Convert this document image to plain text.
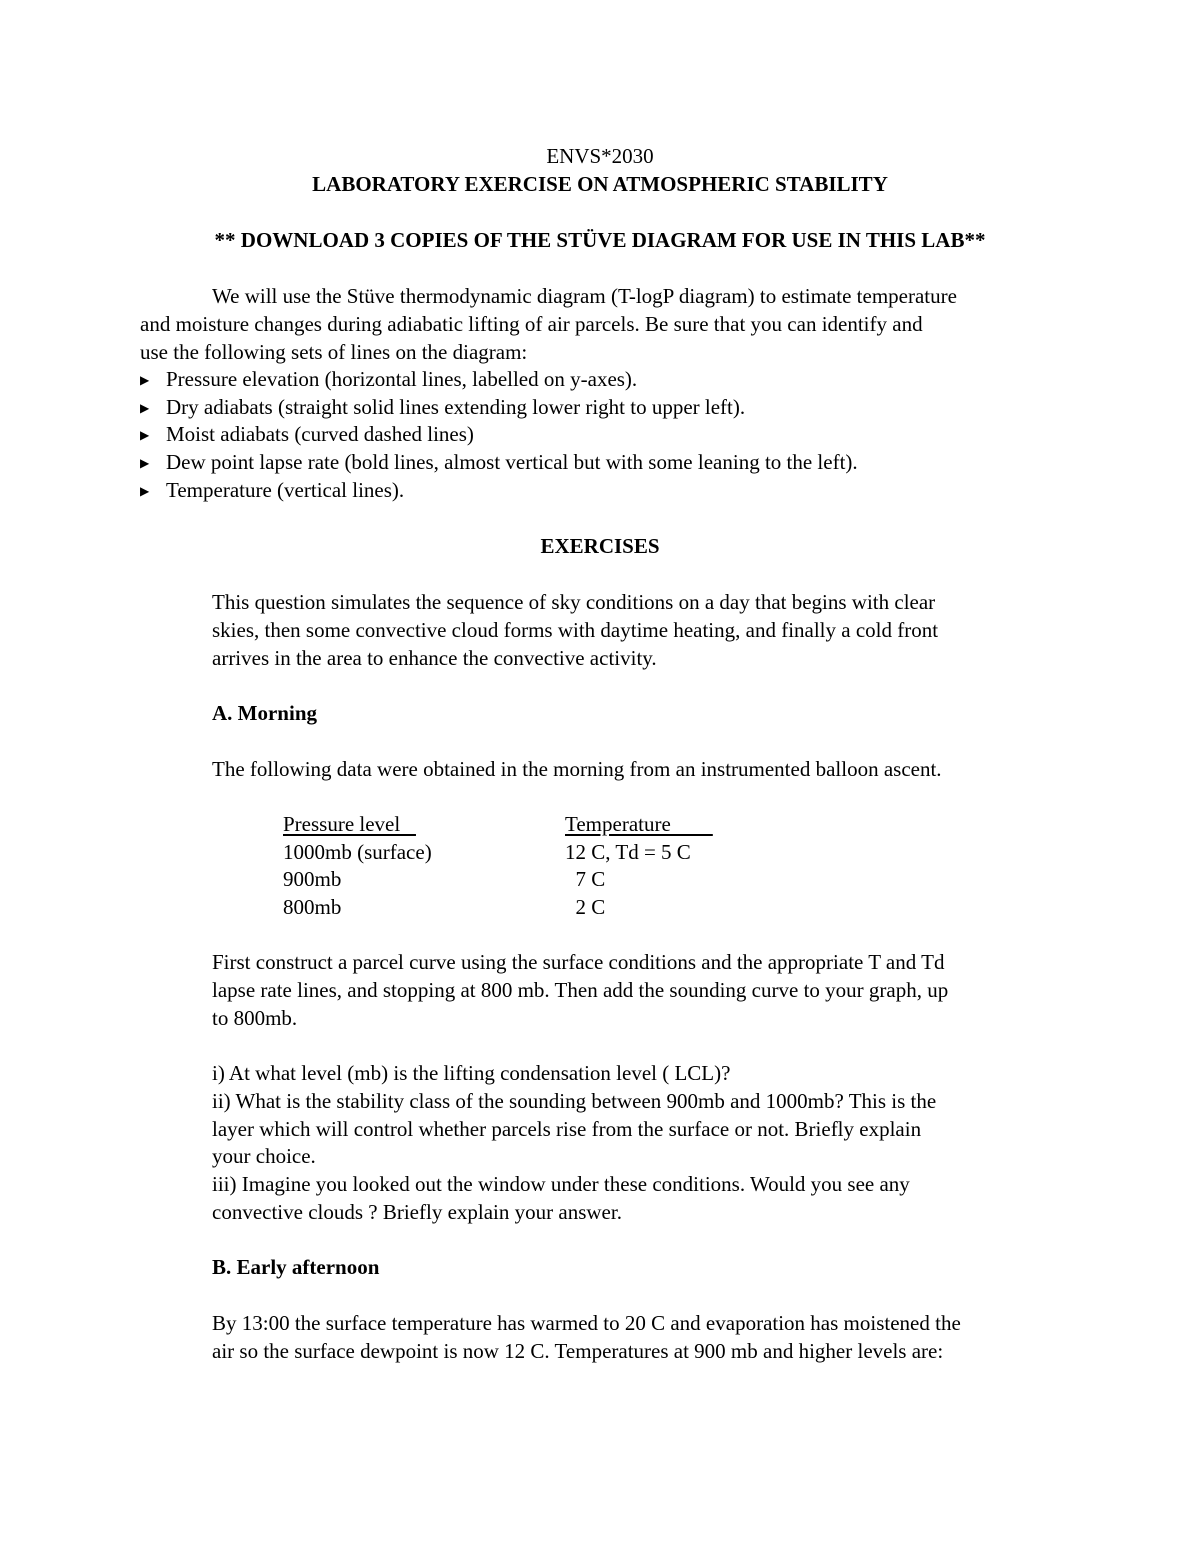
ENVS*2030
LABORATORY EXERCISE ON ATMOSPHERIC STABILITY
** DOWNLOAD 3 COPIES OF THE STÜVE DIAGRAM FOR USE IN THIS LAB**
We will use the Stüve thermodynamic diagram (T-logP diagram) to estimate temperature
and moisture changes during adiabatic lifting of air parcels. Be sure that you can identify and
use the following sets of lines on the diagram:
▶ Pressure elevation (horizontal lines, labelled on y-axes).
▶ Dry adiabats (straight solid lines extending lower right to upper left).
▶ Moist adiabats (curved dashed lines)
▶ Dew point lapse rate (bold lines, almost vertical but with some leaning to the left).
▶ Temperature (vertical lines).
EXERCISES
This question simulates the sequence of sky conditions on a day that begins with clear
skies, then some convective cloud forms with daytime heating, and finally a cold front
arrives in the area to enhance the convective activity.
A. Morning
The following data were obtained in the morning from an instrumented balloon ascent.
Pressure level	Temperature
1000mb (surface)	12 C, Td = 5 C
900mb	7 C
800mb	2 C
First construct a parcel curve using the surface conditions and the appropriate T and Td
lapse rate lines, and stopping at 800 mb. Then add the sounding curve to your graph, up
to 800mb.
i) At what level (mb) is the lifting condensation level ( LCL)?
ii) What is the stability class of the sounding between 900mb and 1000mb? This is the
layer which will control whether parcels rise from the surface or not. Briefly explain
your choice.
iii) Imagine you looked out the window under these conditions. Would you see any
convective clouds ? Briefly explain your answer.
B. Early afternoon
By 13:00 the surface temperature has warmed to 20 C and evaporation has moistened the
air so the surface dewpoint is now 12 C. Temperatures at 900 mb and higher levels are:
